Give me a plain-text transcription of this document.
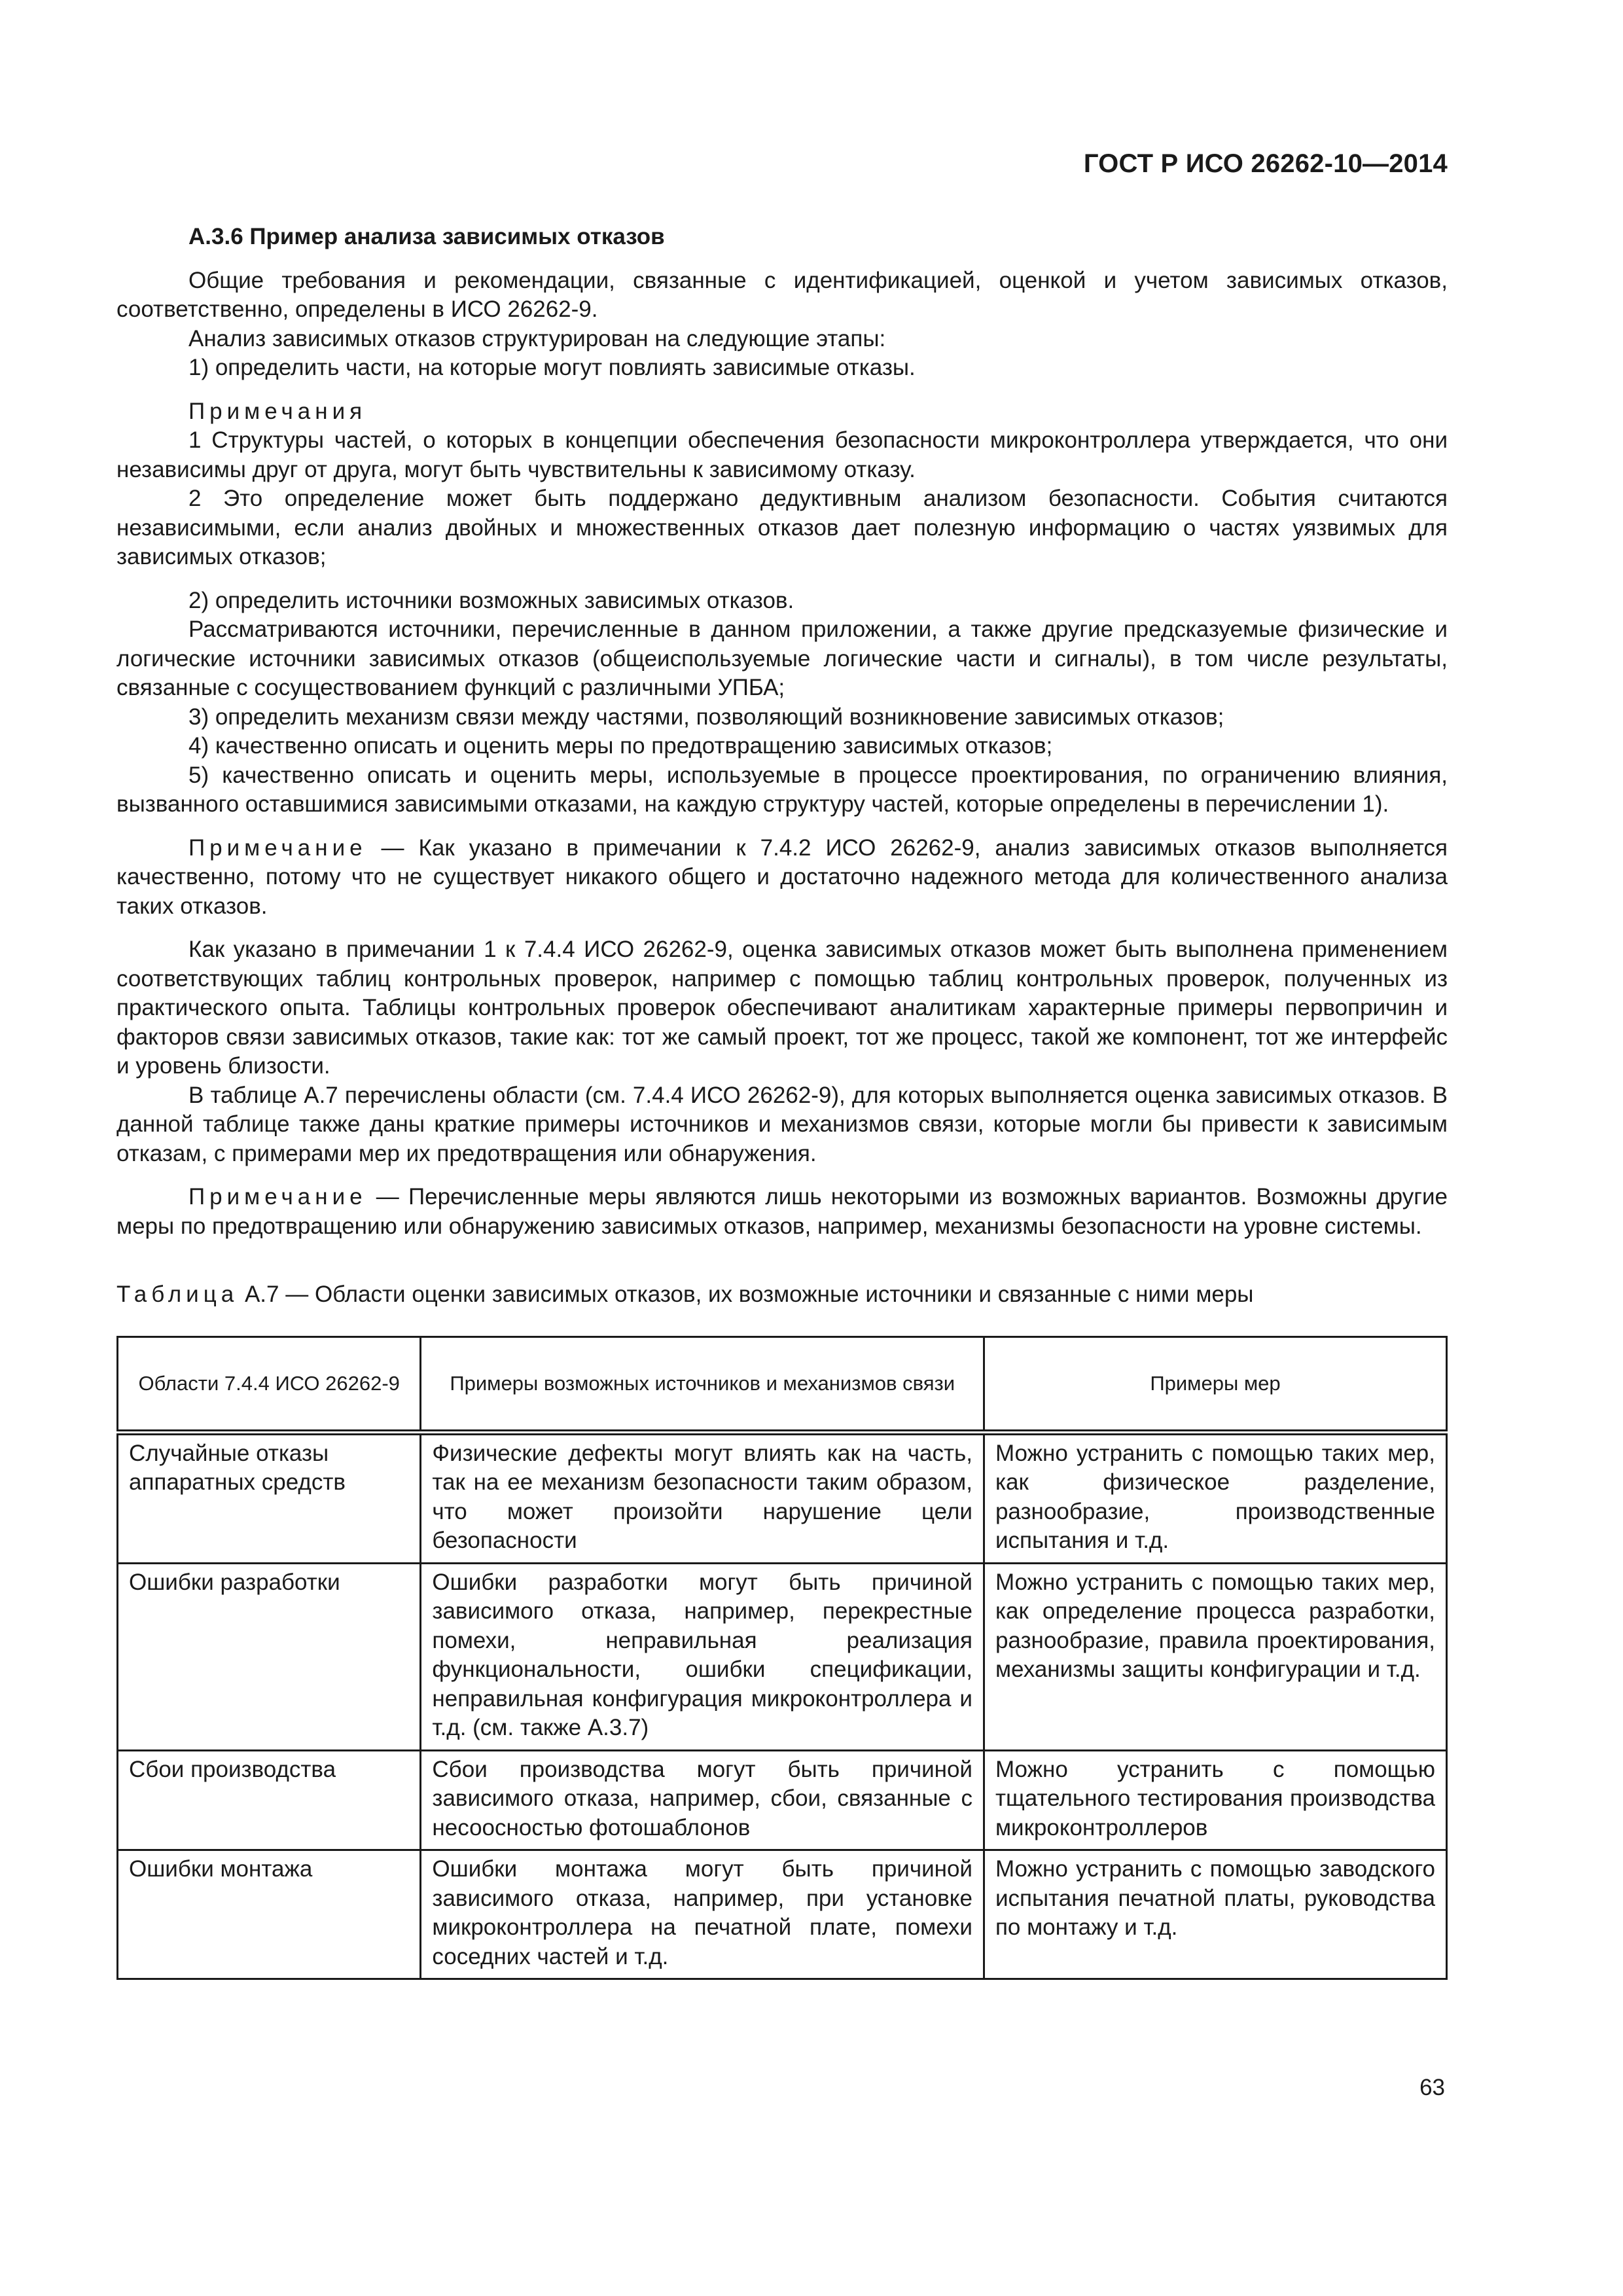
ГОСТ Р ИСО 26262-10—2014

А.3.6 Пример анализа зависимых отказов

Общие требования и рекомендации, связанные с идентификацией, оценкой и учетом зависимых отказов, соответственно, определены в ИСО 26262-9.

Анализ зависимых отказов структурирован на следующие этапы:

1) определить части, на которые могут повлиять зависимые отказы.

Примечания

1 Структуры частей, о которых в концепции обеспечения безопасности микроконтроллера утверждается, что они независимы друг от друга, могут быть чувствительны к зависимому отказу.

2 Это определение может быть поддержано дедуктивным анализом безопасности. События считаются независимыми, если анализ двойных и множественных отказов дает полезную информацию о частях уязвимых для зависимых отказов;

2) определить источники возможных зависимых отказов.

Рассматриваются источники, перечисленные в данном приложении, а также другие предсказуемые физические и логические источники зависимых отказов (общеиспользуемые логические части и сигналы), в том числе результаты, связанные с сосуществованием функций с различными УПБА;

3) определить механизм связи между частями, позволяющий возникновение зависимых отказов;

4) качественно описать и оценить меры по предотвращению зависимых отказов;

5) качественно описать и оценить меры, используемые в процессе проектирования, по ограничению влияния, вызванного оставшимися зависимыми отказами, на каждую структуру частей, которые определены в перечислении 1).

Примечание — Как указано в примечании к 7.4.2 ИСО 26262-9, анализ зависимых отказов выполняется качественно, потому что не существует никакого общего и достаточно надежного метода для количественного анализа таких отказов.

Как указано в примечании 1 к 7.4.4 ИСО 26262-9, оценка зависимых отказов может быть выполнена применением соответствующих таблиц контрольных проверок, например с помощью таблиц контрольных проверок, полученных из практического опыта. Таблицы контрольных проверок обеспечивают аналитикам характерные примеры первопричин и факторов связи зависимых отказов, такие как: тот же самый проект, тот же процесс, такой же компонент, тот же интерфейс и уровень близости.

В таблице А.7 перечислены области (см. 7.4.4 ИСО 26262-9), для которых выполняется оценка зависимых отказов. В данной таблице также даны краткие примеры источников и механизмов связи, которые могли бы привести к зависимым отказам, с примерами мер их предотвращения или обнаружения.

Примечание — Перечисленные меры являются лишь некоторыми из возможных вариантов. Возможны другие меры по предотвращению или обнаружению зависимых отказов, например, механизмы безопасности на уровне системы.

Таблица А.7 — Области оценки зависимых отказов, их возможные источники и связанные с ними меры

Области 7.4.4 ИСО 26262-9	Примеры возможных источников и механизмов связи	Примеры мер
Случайные отказы аппаратных средств	Физические дефекты могут влиять как на часть, так на ее механизм безопасности таким образом, что может произойти нарушение цели безопасности	Можно устранить с помощью таких мер, как физическое разделение, разнообразие, производственные испытания и т.д.
Ошибки разработки	Ошибки разработки могут быть причиной зависимого отказа, например, перекрестные помехи, неправильная реализация функциональности, ошибки спецификации, неправильная конфигурация микроконтроллера и т.д. (см. также А.3.7)	Можно устранить с помощью таких мер, как определение процесса разработки, разнообразие, правила проектирования, механизмы защиты конфигурации и т.д.
Сбои производства	Сбои производства могут быть причиной зависимого отказа, например, сбои, связанные с несоосностью фотошаблонов	Можно устранить с помощью тщательного тестирования производства микроконтроллеров
Ошибки монтажа	Ошибки монтажа могут быть причиной зависимого отказа, например, при установке микроконтроллера на печатной плате, помехи соседних частей и т.д.	Можно устранить с помощью заводского испытания печатной платы, руководства по монтажу и т.д.
63
